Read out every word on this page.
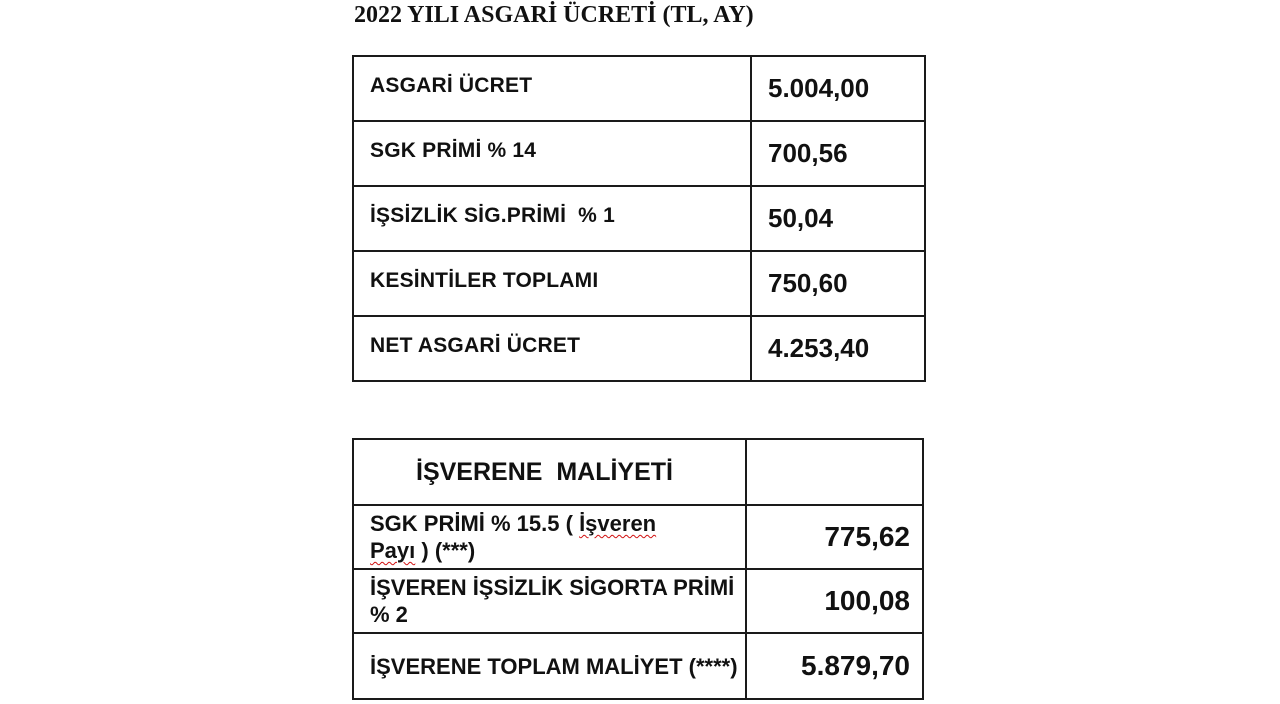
2022 YILI ASGARİ ÜCRETİ (TL, AY)
ASGARİ ÜCRET	5.004,00
SGK PRİMİ % 14	700,56
İŞSİZLİK SİG.PRİMİ  % 1	50,04
KESİNTİLER TOPLAMI	750,60
NET ASGARİ ÜCRET	4.253,40
İŞVERENE  MALİYETİ	
SGK PRİMİ % 15.5 ( İşveren
Payı ) (***)	775,62
İŞVEREN İŞSİZLİK SİGORTA PRİMİ  % 2	100,08
İŞVERENE TOPLAM MALİYET (****)	5.879,70
